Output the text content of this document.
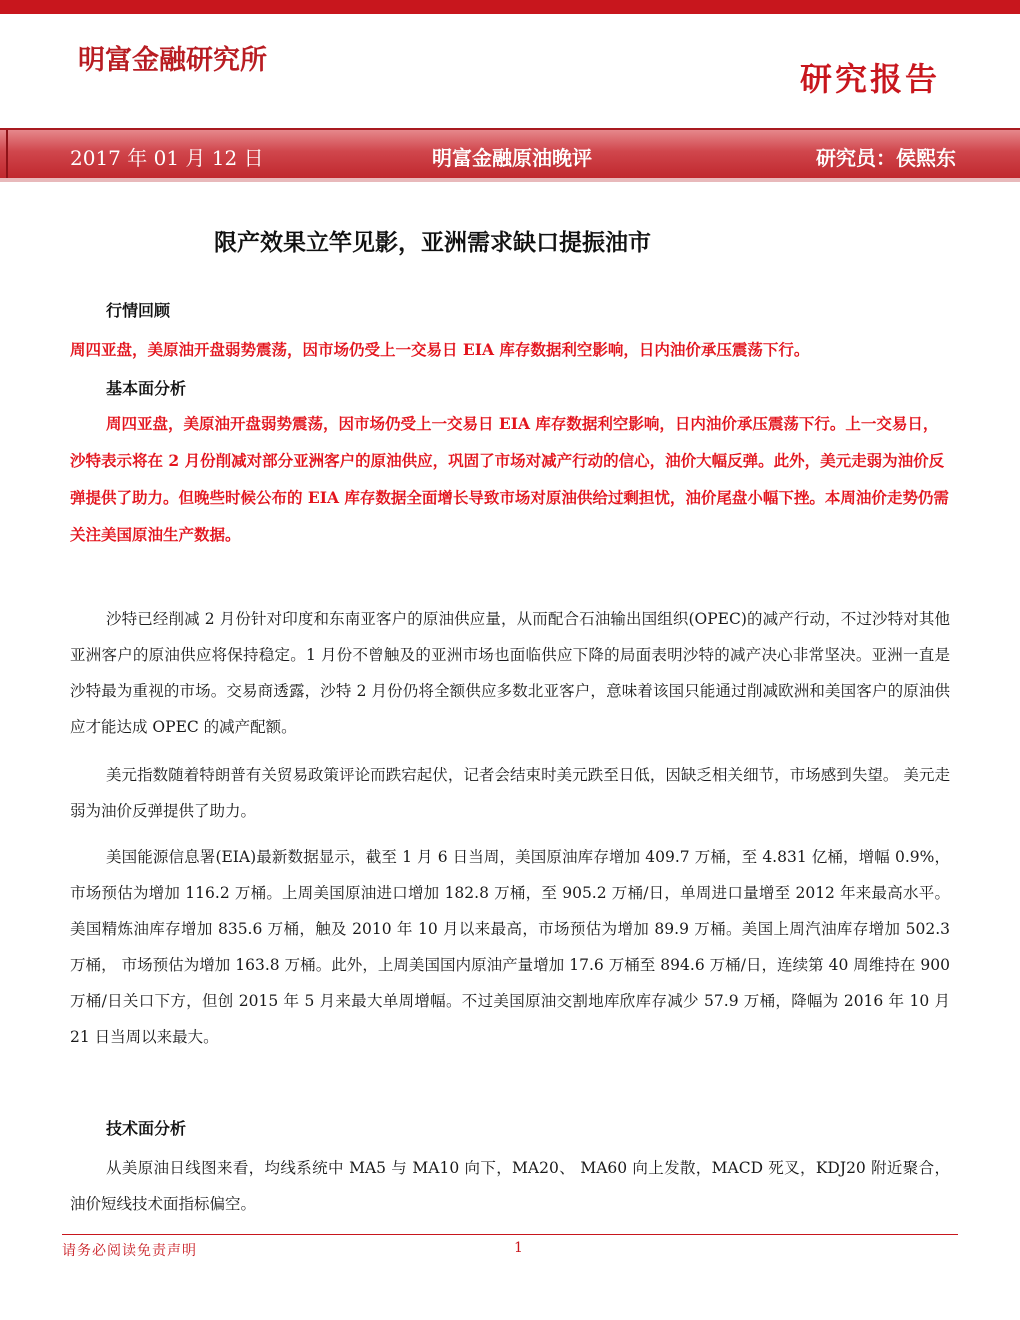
明富金融研究所	研究报告
2017 年 01 月 12 日	明富金融原油晚评	研究员：侯熙东
限产效果立竿见影，亚洲需求缺口提振油市
行情回顾
周四亚盘，美原油开盘弱势震荡，因市场仍受上一交易日 EIA 库存数据利空影响，日内油价承压震荡下行。
基本面分析
周四亚盘，美原油开盘弱势震荡，因市场仍受上一交易日 EIA 库存数据利空影响，日内油价承压震荡下行。上一交易日，沙特表示将在 2 月份削减对部分亚洲客户的原油供应，巩固了市场对减产行动的信心，油价大幅反弹。此外，美元走弱为油价反弹提供了助力。但晚些时候公布的 EIA 库存数据全面增长导致市场对原油供给过剩担忧，油价尾盘小幅下挫。本周油价走势仍需关注美国原油生产数据。
沙特已经削减 2 月份针对印度和东南亚客户的原油供应量，从而配合石油输出国组织(OPEC)的减产行动，不过沙特对其他亚洲客户的原油供应将保持稳定。1 月份不曾触及的亚洲市场也面临供应下降的局面表明沙特的减产决心非常坚决。亚洲一直是沙特最为重视的市场。交易商透露，沙特 2 月份仍将全额供应多数北亚客户，意味着该国只能通过削减欧洲和美国客户的原油供应才能达成 OPEC 的减产配额。
美元指数随着特朗普有关贸易政策评论而跌宕起伏，记者会结束时美元跌至日低，因缺乏相关细节，市场感到失望。 美元走弱为油价反弹提供了助力。
美国能源信息署(EIA)最新数据显示，截至 1 月 6 日当周，美国原油库存增加 409.7 万桶，至 4.831 亿桶，增幅 0.9%，市场预估为增加 116.2 万桶。上周美国原油进口增加 182.8 万桶，至 905.2 万桶/日，单周进口量增至 2012 年来最高水平。美国精炼油库存增加 835.6 万桶，触及 2010 年 10 月以来最高，市场预估为增加 89.9 万桶。美国上周汽油库存增加 502.3 万桶， 市场预估为增加 163.8 万桶。此外，上周美国国内原油产量增加 17.6 万桶至 894.6 万桶/日，连续第 40 周维持在 900 万桶/日关口下方，但创 2015 年 5 月来最大单周增幅。不过美国原油交割地库欣库存减少 57.9 万桶，降幅为 2016 年 10 月 21 日当周以来最大。
技术面分析
从美原油日线图来看，均线系统中 MA5 与 MA10 向下，MA20、 MA60 向上发散，MACD 死叉，KDJ20 附近聚合，油价短线技术面指标偏空。
请务必阅读免责声明	1
